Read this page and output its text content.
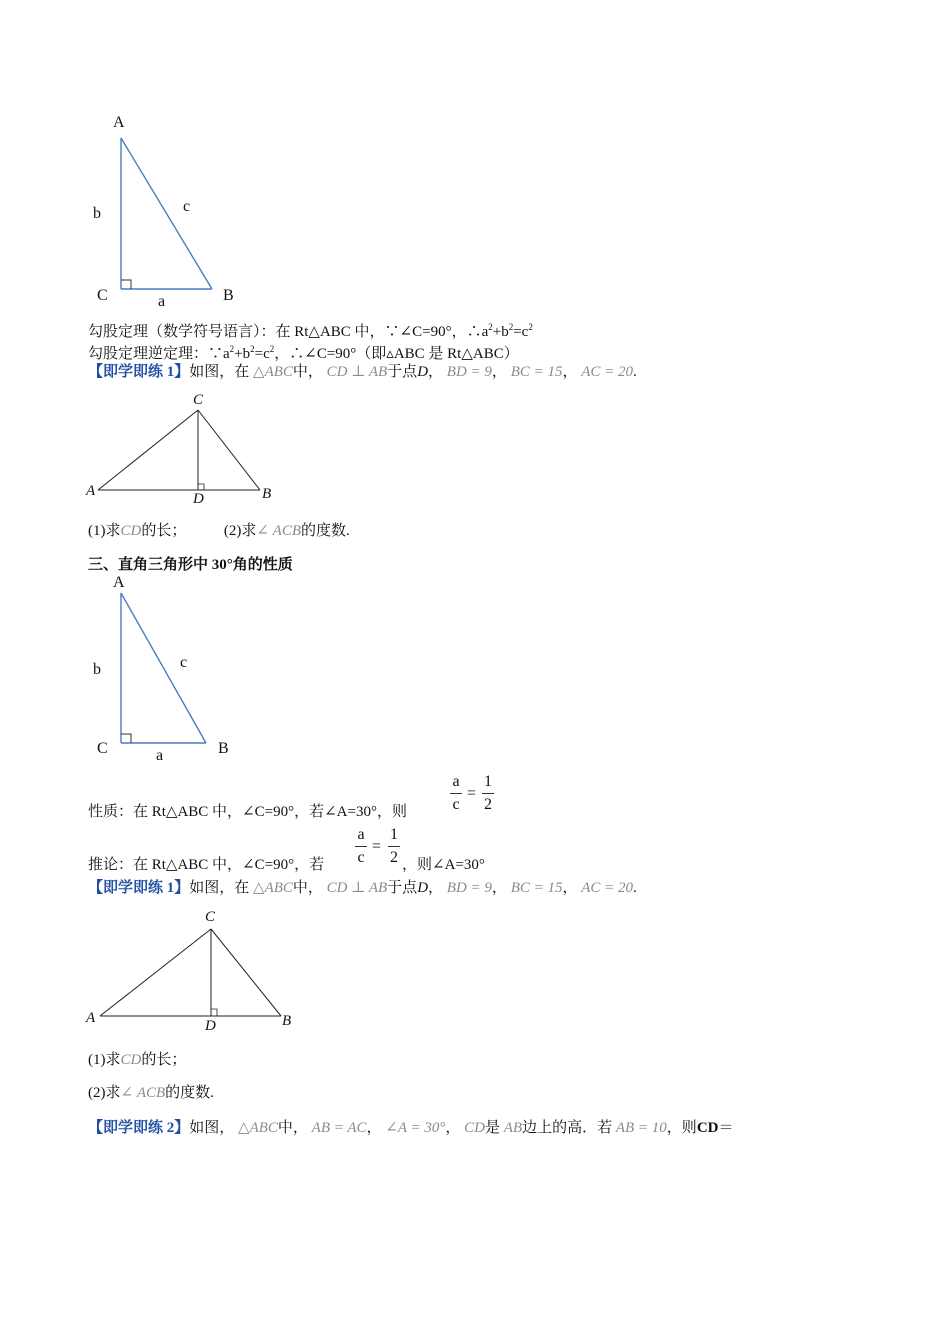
A
b	c
C	a	B
勾股定理（数学符号语言）：在 Rt△ABC 中，∵∠C=90°，$\therefore a^2+b^2=c^2$
勾股定理逆定理：$\because a^2+b^2=c^2$，∴∠C=90°（即▵ABC 是 Rt△ABC）
【即学即练 1】如图，在 △ABC中， CD ⊥ AB于点D， BD = 9， BC = 15， AC = 20.
C
A	D	B
(1)求CD的长；	(2)求∠ ACB的度数.
三、直角三角形中 30°角的性质
A
b	c
C	a	B
a
c
=
1
2
性质：在 Rt△ABC 中，∠C=90°，若∠A=30°，则
a
c
=
1
2
推论：在 Rt△ABC 中，∠C=90°，若	，则∠A=30°
【即学即练 1】如图，在 △ABC中， CD ⊥ AB于点D， BD = 9， BC = 15， AC = 20.
C
A	D	B
(1)求CD的长；
(2)求∠ ACB的度数.
【即学即练 2】如图， △ABC中， AB = AC， ∠A = 30°， CD是 AB边上的高．若 AB = 10，则CD＝
